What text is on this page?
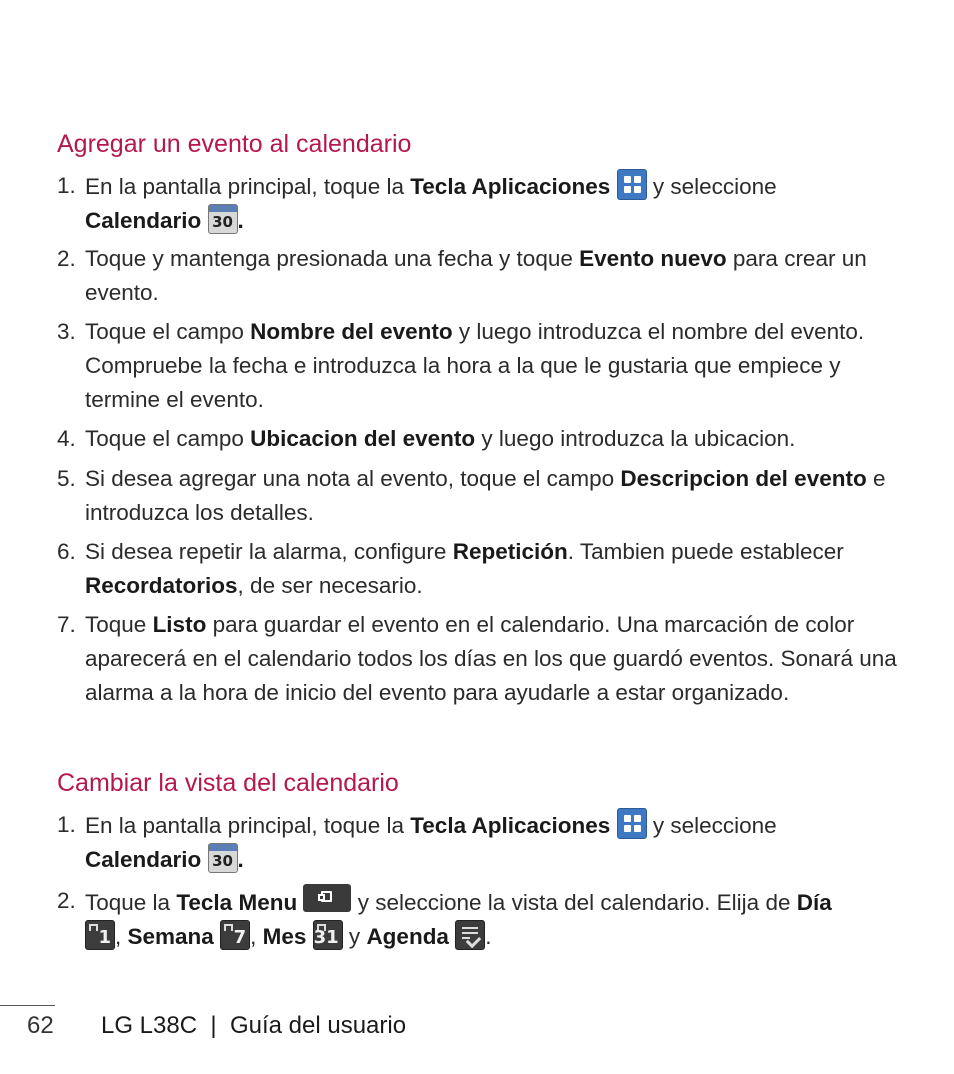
Agregar un evento al calendario
1. En la pantalla principal, toque la Tecla Aplicaciones
y seleccione
Calendario 30 .
2. Toque y mantenga presionada una fecha y toque Evento nuevo para crear un evento.
3. Toque el campo Nombre del evento y luego introduzca el nombre del evento. Compruebe la fecha e introduzca la hora a la que le gustaria que empiece y termine el evento.
4. Toque el campo Ubicacion del evento y luego introduzca la ubicacion.
5. Si desea agregar una nota al evento, toque el campo Descripcion del evento e introduzca los detalles.
6. Si desea repetir la alarma, configure Repetición. Tambien puede establecer
Recordatorios, de ser necesario.
7. Toque Listo para guardar el evento en el calendario. Una marcación de color aparecerá en el calendario todos los días en los que guardó eventos. Sonará una alarma a la hora de inicio del evento para ayudarle a estar organizado.
Cambiar la vista del calendario
1. En la pantalla principal, toque la Tecla Aplicaciones
y seleccione
Calendario 30 .
2. Toque la Tecla Menu	y seleccione la vista del calendario. Elija de Día

1 , Semana 7 , Mes 31 y Agenda .
62 LG L38C  |  Guía del usuario
